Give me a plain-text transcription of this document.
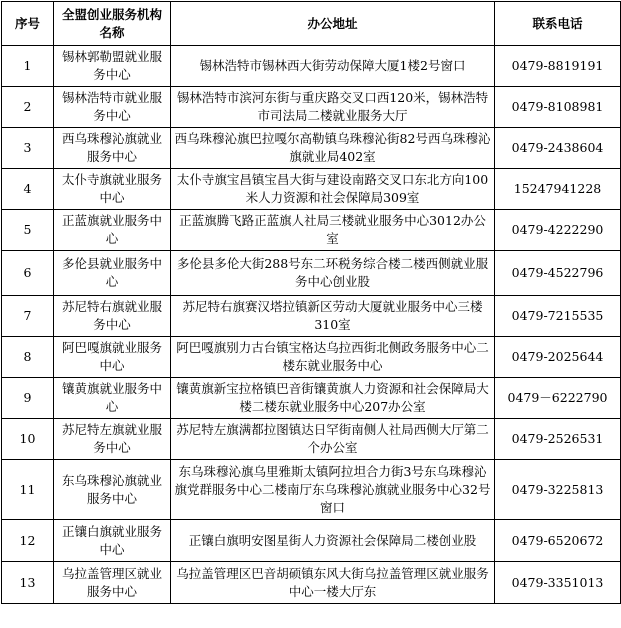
序号	全盟创业服务机构名称	办公地址	联系电话
1	锡林郭勒盟就业服务中心	锡林浩特市锡林西大街劳动保障大厦1楼2号窗口	0479-8819191
2	锡林浩特市就业服务中心	锡林浩特市滨河东街与重庆路交叉口西120米，锡林浩特市司法局二楼就业服务大厅	0479-8108981
3	西乌珠穆沁旗就业服务中心	西乌珠穆沁旗巴拉嘎尔高勒镇乌珠穆沁街82号西乌珠穆沁旗就业局402室	0479-2438604
4	太仆寺旗就业服务中心	太仆寺旗宝昌镇宝昌大街与建设南路交叉口东北方向100米人力资源和社会保障局309室	15247941228
5	正蓝旗就业服务中心	正蓝旗腾飞路正蓝旗人社局三楼就业服务中心3012办公室	0479-4222290
6	多伦县就业服务中心	多伦县多伦大街288号东二环税务综合楼二楼西侧就业服务中心创业股	0479-4522796
7	苏尼特右旗就业服务中心	苏尼特右旗赛汉塔拉镇新区劳动大厦就业服务中心三楼310室	0479-7215535
8	阿巴嘎旗就业服务中心	阿巴嘎旗别力古台镇宝格达乌拉西街北侧政务服务中心二楼东就业服务中心	0479-2025644
9	镶黄旗就业服务中心	镶黄旗新宝拉格镇巴音街镶黄旗人力资源和社会保障局大楼二楼东就业服务中心207办公室	0479－6222790
10	苏尼特左旗就业服务中心	苏尼特左旗满都拉图镇达日罕街南侧人社局西侧大厅第二个办公室	0479-2526531
11	东乌珠穆沁旗就业服务中心	东乌珠穆沁旗乌里雅斯太镇阿拉坦合力街3号东乌珠穆沁旗党群服务中心二楼南厅东乌珠穆沁旗就业服务中心32号窗口	0479-3225813
12	正镶白旗就业服务中心	正镶白旗明安图星街人力资源社会保障局二楼创业股	0479-6520672
13	乌拉盖管理区就业服务中心	乌拉盖管理区巴音胡硕镇东风大街乌拉盖管理区就业服务中心一楼大厅东	0479-3351013
